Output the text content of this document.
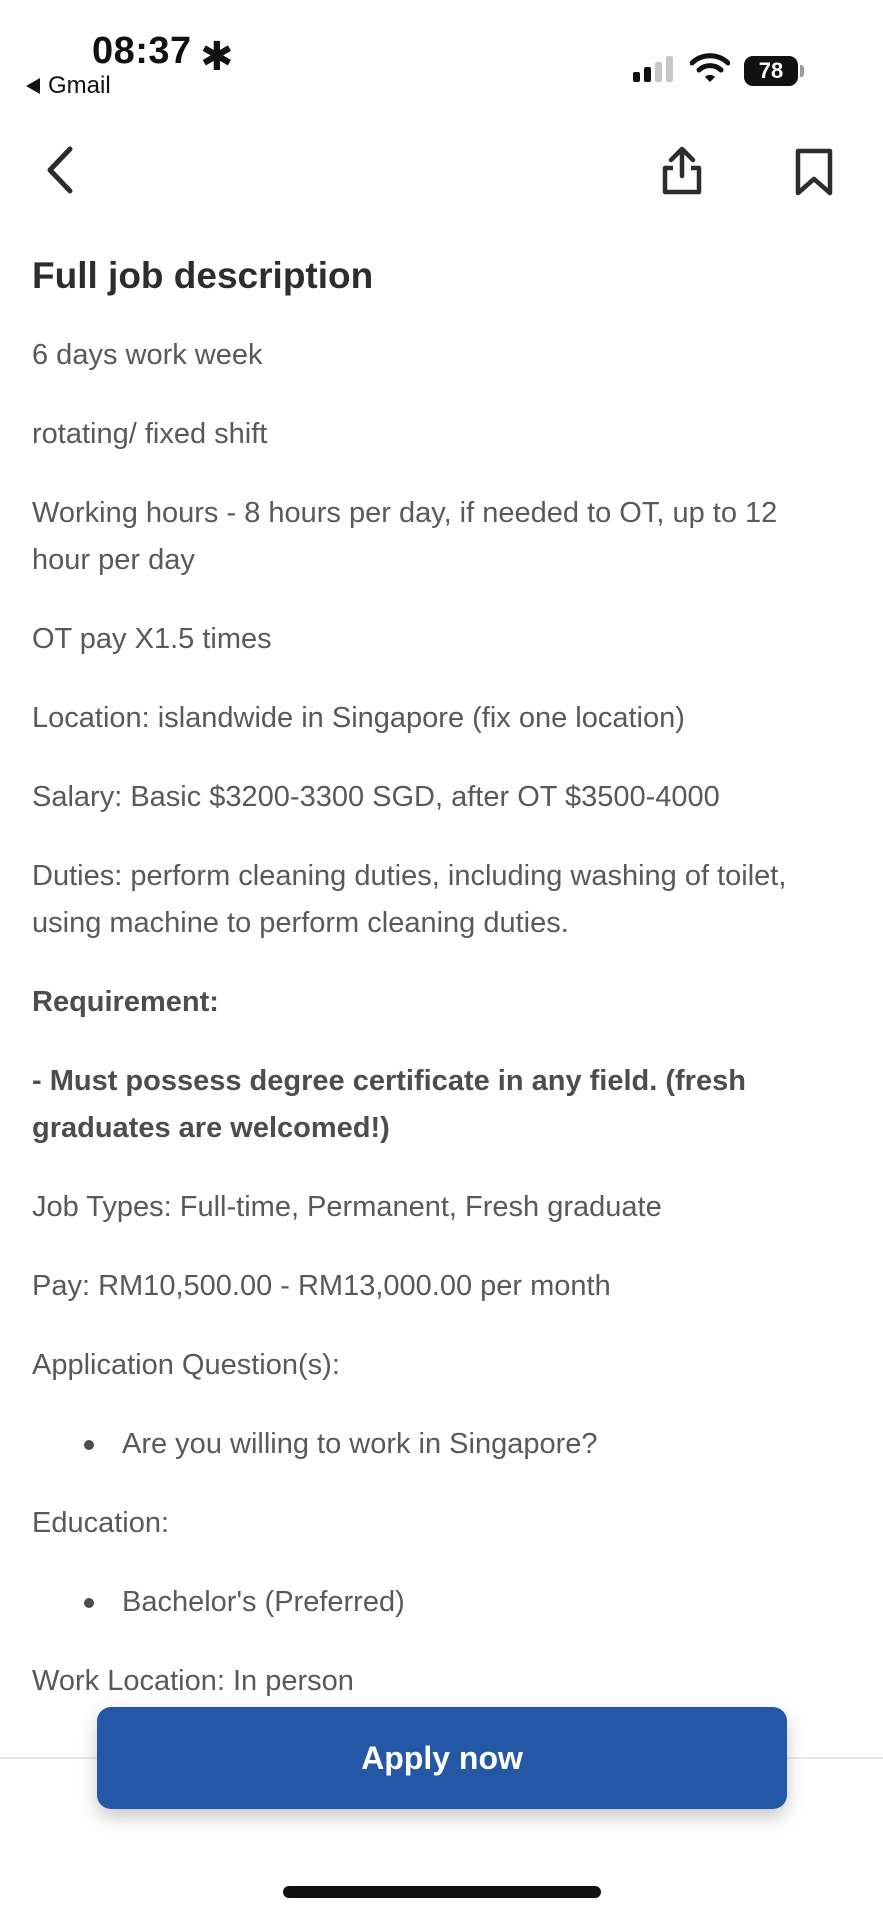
08:37 ✱
Gmail
78
Full job description

6 days work week

rotating/ fixed shift

Working hours - 8 hours per day, if needed to OT, up to 12 hour per day

OT pay X1.5 times

Location: islandwide in Singapore (fix one location)

Salary: Basic $3200-3300 SGD, after OT $3500-4000

Duties: perform cleaning duties, including washing of toilet, using machine to perform cleaning duties.

Requirement:

- Must possess degree certificate in any field. (fresh graduates are welcomed!)

Job Types: Full-time, Permanent, Fresh graduate

Pay: RM10,500.00 - RM13,000.00 per month

Application Question(s):

Are you willing to work in Singapore?

Education:

Bachelor's (Preferred)

Work Location: In person

Apply now
